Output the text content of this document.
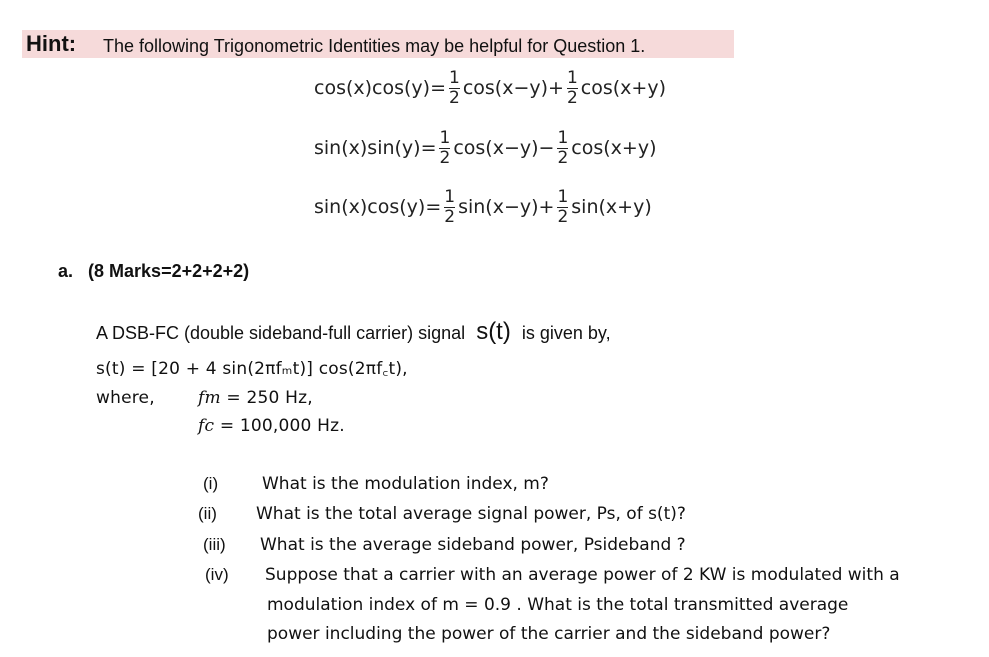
Hint: The following Trigonometric Identities may be helpful for Question 1.
$\cos(x)\cos(y)= \frac{1}{2} \cos(x-y)+ \frac{1}{2} \cos(x+y)$
$\sin(x)\sin(y)= \frac{1}{2} \cos(x-y)- \frac{1}{2} \cos(x+y)$
$\sin(x)\cos(y)= \frac{1}{2} \sin(x-y)+ \frac{1}{2} \sin(x+y)$
a. (8 Marks=2+2+2+2)
A DSB-FC (double sideband-full carrier) signal s(t) is given by,
s(t) = [20 + 4 sin(2πfₘt)] cos(2πf꜀t),
where,	fm = 250 Hz,
fc = 100,000 Hz.
(i)	What is the modulation index, m?
(ii) What is the total average signal power, Ps, of s(t)?
(iii) What is the average sideband power, Psideband ?
(iv) Suppose that a carrier with an average power of 2 KW is modulated with a
modulation index of m = 0.9 . What is the total transmitted average
power including the power of the carrier and the sideband power?
